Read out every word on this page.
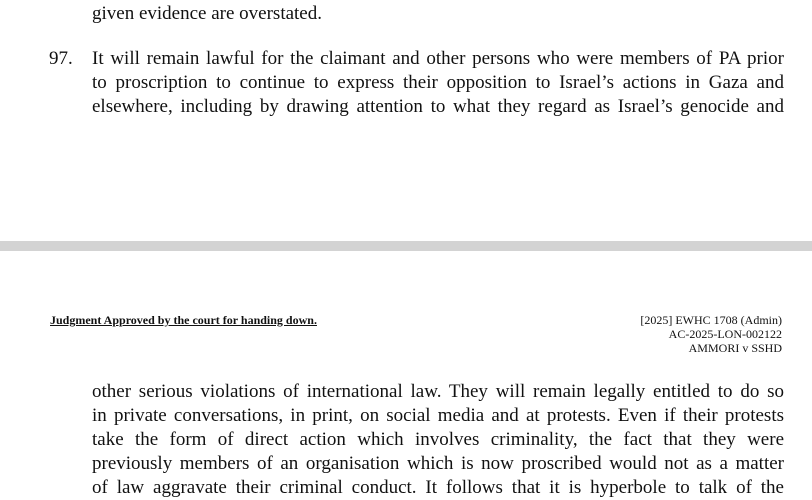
given evidence are overstated.
97. It will remain lawful for the claimant and other persons who were members of PA prior
to proscription to continue to express their opposition to Israel’s actions in Gaza and
elsewhere, including by drawing attention to what they regard as Israel’s genocide and
Judgment Approved by the court for handing down.	[2025] EWHC 1708 (Admin)
AC-2025-LON-002122
AMMORI v SSHD
other serious violations of international law. They will remain legally entitled to do so
in private conversations, in print, on social media and at protests. Even if their protests
take the form of direct action which involves criminality, the fact that they were
previously members of an organisation which is now proscribed would not as a matter
of law aggravate their criminal conduct. It follows that it is hyperbole to talk of the
